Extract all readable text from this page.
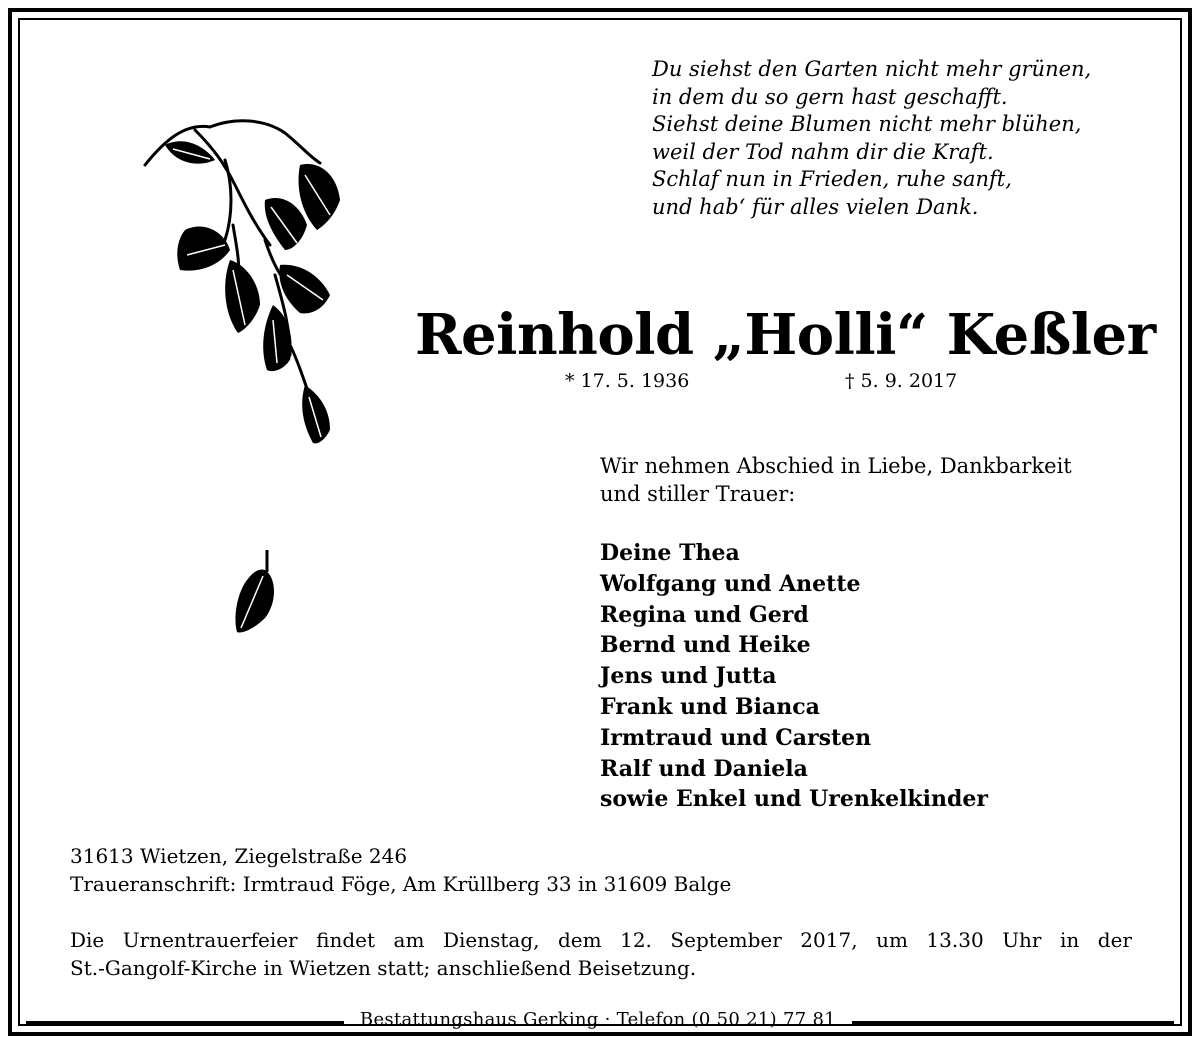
Du siehst den Garten nicht mehr grünen,
in dem du so gern hast geschafft.
Siehst deine Blumen nicht mehr blühen,
weil der Tod nahm dir die Kraft.
Schlaf nun in Frieden, ruhe sanft,
und hab‘ für alles vielen Dank.
Reinhold „Holli“ Keßler
* 17. 5. 1936	† 5. 9. 2017
Wir nehmen Abschied in Liebe, Dankbarkeit
und stiller Trauer:
Deine Thea
Wolfgang und Anette
Regina und Gerd
Bernd und Heike
Jens und Jutta
Frank und Bianca
Irmtraud und Carsten
Ralf und Daniela
sowie Enkel und Urenkelkinder
31613 Wietzen, Ziegelstraße 246
Traueranschrift: Irmtraud Föge, Am Krüllberg 33 in 31609 Balge
Die Urnentrauerfeier findet am Dienstag, dem 12. September 2017, um 13.30 Uhr in der
St.-Gangolf-Kirche in Wietzen statt; anschließend Beisetzung.
Bestattungshaus Gerking · Telefon (0 50 21) 77 81
